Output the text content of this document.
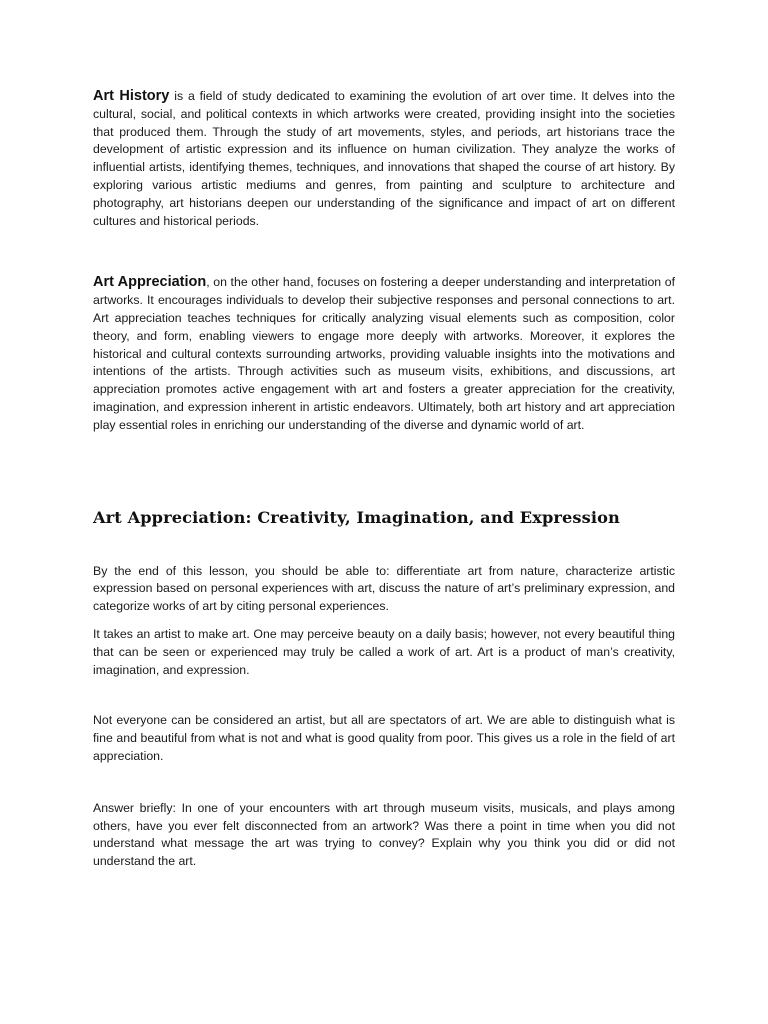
Art History is a field of study dedicated to examining the evolution of art over time. It delves into the cultural, social, and political contexts in which artworks were created, providing insight into the societies that produced them. Through the study of art movements, styles, and periods, art historians trace the development of artistic expression and its influence on human civilization. They analyze the works of influential artists, identifying themes, techniques, and innovations that shaped the course of art history. By exploring various artistic mediums and genres, from painting and sculpture to architecture and photography, art historians deepen our understanding of the significance and impact of art on different cultures and historical periods.

Art Appreciation, on the other hand, focuses on fostering a deeper understanding and interpretation of artworks. It encourages individuals to develop their subjective responses and personal connections to art. Art appreciation teaches techniques for critically analyzing visual elements such as composition, color theory, and form, enabling viewers to engage more deeply with artworks. Moreover, it explores the historical and cultural contexts surrounding artworks, providing valuable insights into the motivations and intentions of the artists. Through activities such as museum visits, exhibitions, and discussions, art appreciation promotes active engagement with art and fosters a greater appreciation for the creativity, imagination, and expression inherent in artistic endeavors. Ultimately, both art history and art appreciation play essential roles in enriching our understanding of the diverse and dynamic world of art.

Art Appreciation: Creativity, Imagination, and Expression

By the end of this lesson, you should be able to: differentiate art from nature, characterize artistic expression based on personal experiences with art, discuss the nature of art’s preliminary expression, and categorize works of art by citing personal experiences.

It takes an artist to make art. One may perceive beauty on a daily basis; however, not every beautiful thing that can be seen or experienced may truly be called a work of art. Art is a product of man’s creativity, imagination, and expression.

Not everyone can be considered an artist, but all are spectators of art. We are able to distinguish what is fine and beautiful from what is not and what is good quality from poor. This gives us a role in the field of art appreciation.

Answer briefly: In one of your encounters with art through museum visits, musicals, and plays among others, have you ever felt disconnected from an artwork? Was there a point in time when you did not understand what message the art was trying to convey? Explain why you think you did or did not understand the art.
